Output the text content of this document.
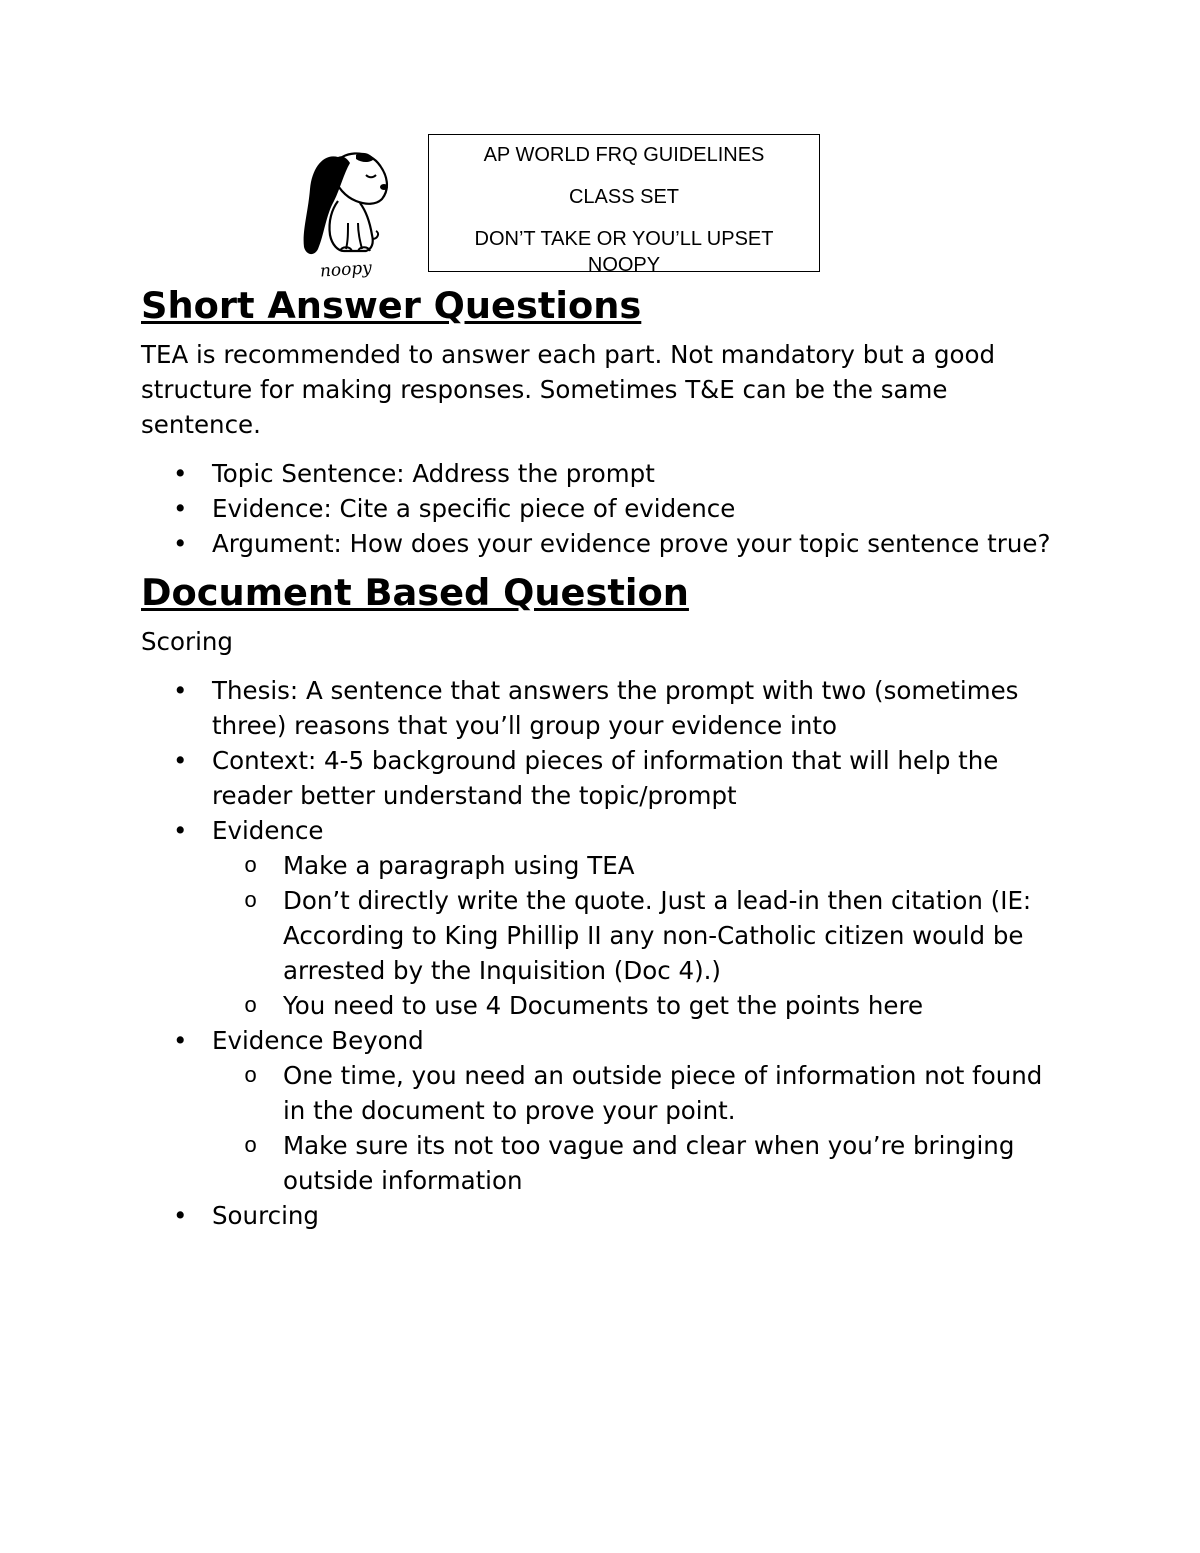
noopy
AP WORLD FRQ GUIDELINES
CLASS SET
DON’T TAKE OR YOU’LL UPSET
NOOPY
Short Answer Questions

TEA is recommended to answer each part. Not mandatory but a good structure for making responses. Sometimes T&E can be the same sentence.

• Topic Sentence: Address the prompt
• Evidence: Cite a specific piece of evidence
• Argument: How does your evidence prove your topic sentence true?
Document Based Question

Scoring

• Thesis: A sentence that answers the prompt with two (sometimes three) reasons that you’ll group your evidence into
• Context: 4-5 background pieces of information that will help the reader better understand the topic/prompt
• Evidence
o Make a paragraph using TEA
o Don’t directly write the quote. Just a lead-in then citation (IE: According to King Phillip II any non-Catholic citizen would be arrested by the Inquisition (Doc 4).)
o You need to use 4 Documents to get the points here
• Evidence Beyond
o One time, you need an outside piece of information not found in the document to prove your point.
o Make sure its not too vague and clear when you’re bringing outside information
• Sourcing
